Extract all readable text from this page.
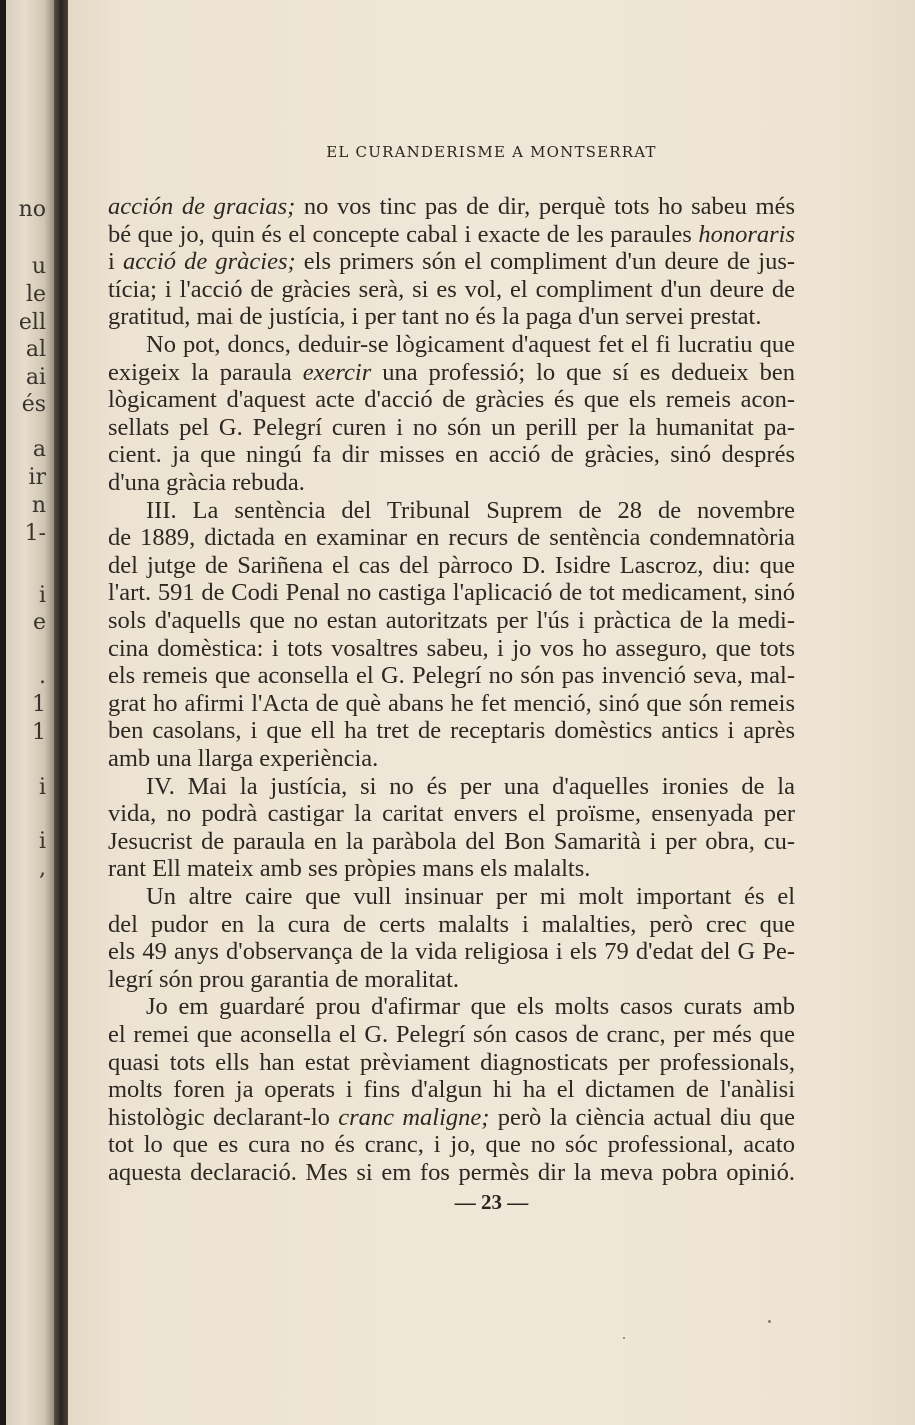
no
u
le
ell
al
ai
és
a
ir
n
1-
i
e
.
1
1
i
i
,
EL CURANDERISME A MONTSERRAT
acción de gracias; no vos tinc pas de dir, perquè tots ho sabeu més
bé que jo, quin és el concepte cabal i exacte de les paraules honoraris
i acció de gràcies; els primers són el compliment d'un deure de jus-
tícia; i l'acció de gràcies serà, si es vol, el compliment d'un deure de
gratitud, mai de justícia, i per tant no és la paga d'un servei prestat.
No pot, doncs, deduir-se lògicament d'aquest fet el fi lucratiu que
exigeix la paraula exercir una professió; lo que sí es dedueix ben
lògicament d'aquest acte d'acció de gràcies és que els remeis acon-
sellats pel G. Pelegrí curen i no són un perill per la humanitat pa-
cient. ja que ningú fa dir misses en acció de gràcies, sinó després
d'una gràcia rebuda.
III. La sentència del Tribunal Suprem de 28 de novembre
de 1889, dictada en examinar en recurs de sentència condemnatòria
del jutge de Sariñena el cas del pàrroco D. Isidre Lascroz, diu: que
l'art. 591 de Codi Penal no castiga l'aplicació de tot medicament, sinó
sols d'aquells que no estan autoritzats per l'ús i pràctica de la medi-
cina domèstica: i tots vosaltres sabeu, i jo vos ho asseguro, que tots
els remeis que aconsella el G. Pelegrí no són pas invenció seva, mal-
grat ho afirmi l'Acta de què abans he fet menció, sinó que són remeis
ben casolans, i que ell ha tret de receptaris domèstics antics i après
amb una llarga experiència.
IV. Mai la justícia, si no és per una d'aquelles ironies de la
vida, no podrà castigar la caritat envers el proïsme, ensenyada per
Jesucrist de paraula en la paràbola del Bon Samarità i per obra, cu-
rant Ell mateix amb ses pròpies mans els malalts.
Un altre caire que vull insinuar per mi molt important és el
del pudor en la cura de certs malalts i malalties, però crec que
els 49 anys d'observança de la vida religiosa i els 79 d'edat del G Pe-
legrí són prou garantia de moralitat.
Jo em guardaré prou d'afirmar que els molts casos curats amb
el remei que aconsella el G. Pelegrí són casos de cranc, per més que
quasi tots ells han estat prèviament diagnosticats per professionals,
molts foren ja operats i fins d'algun hi ha el dictamen de l'anàlisi
histològic declarant-lo cranc maligne; però la ciència actual diu que
tot lo que es cura no és cranc, i jo, que no sóc professional, acato
aquesta declaració. Mes si em fos permès dir la meva pobra opinió.
— 23 —
